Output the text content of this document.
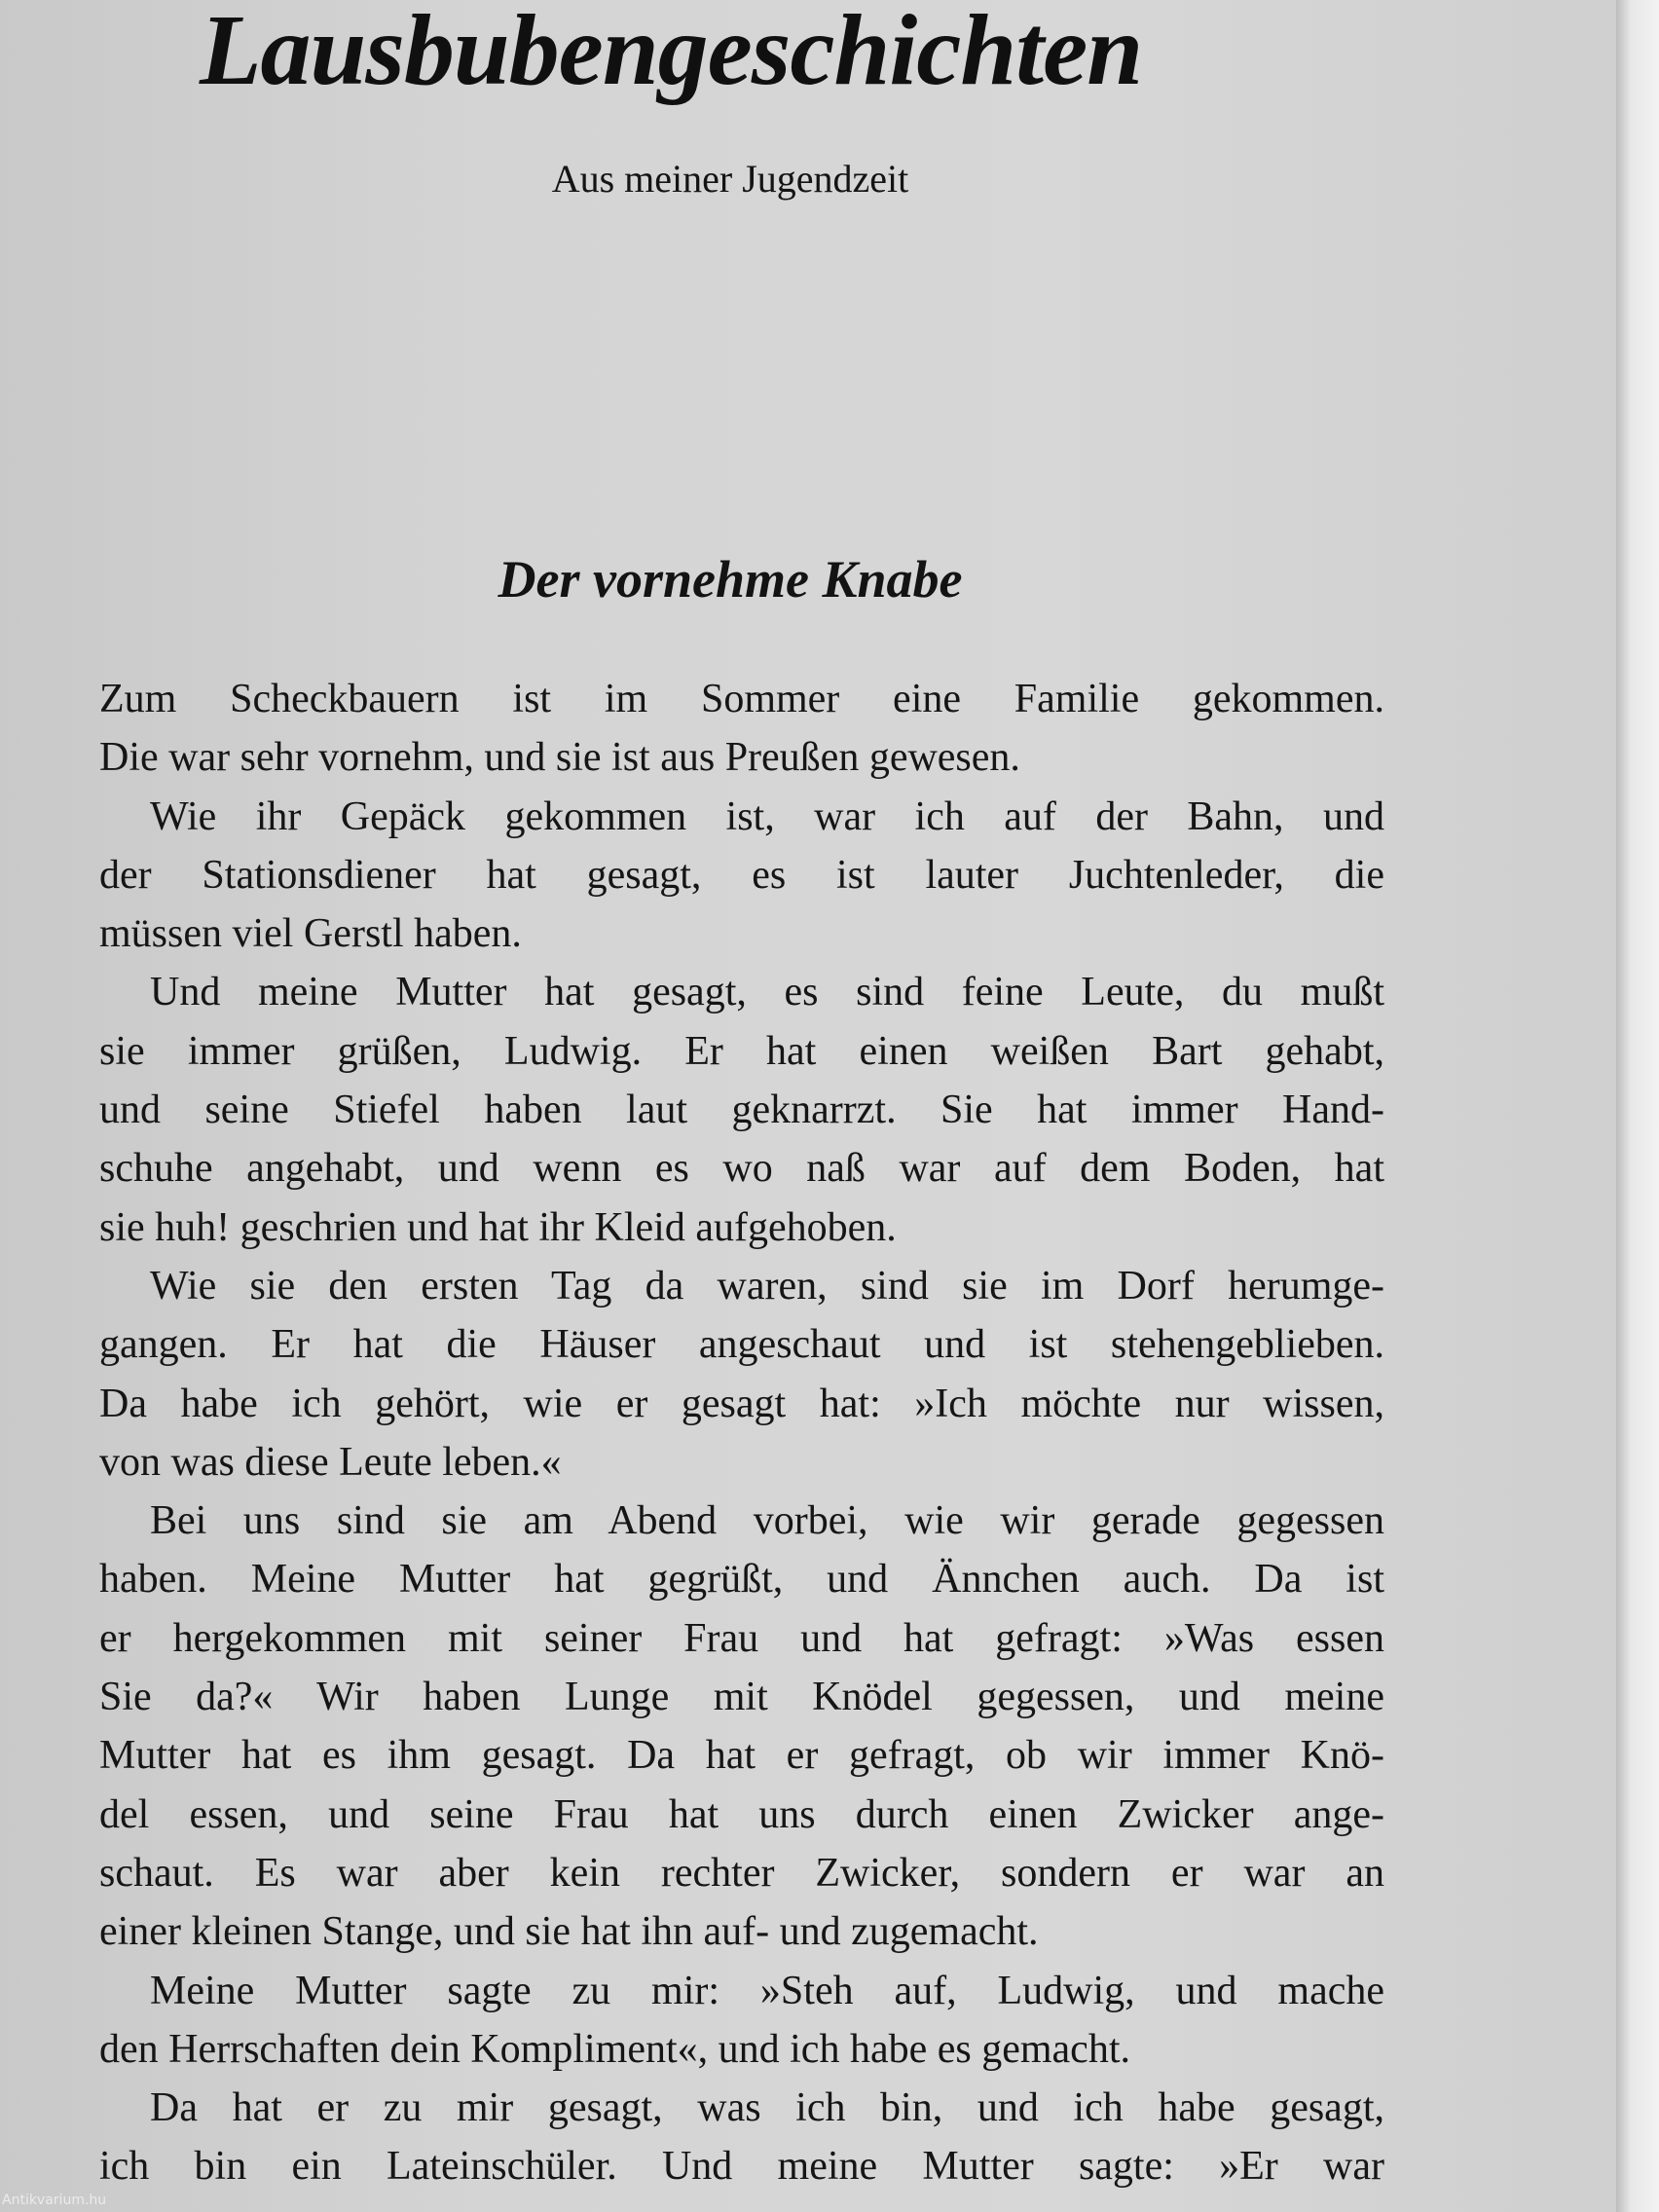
Lausbubengeschichten
Aus meiner Jugendzeit
Der vornehme Knabe
Zum Scheckbauern ist im Sommer eine Familie gekommen.
Die war sehr vornehm, und sie ist aus Preußen gewesen.
Wie ihr Gepäck gekommen ist, war ich auf der Bahn, und
der Stationsdiener hat gesagt, es ist lauter Juchtenleder, die
müssen viel Gerstl haben.
Und meine Mutter hat gesagt, es sind feine Leute, du mußt
sie immer grüßen, Ludwig. Er hat einen weißen Bart gehabt,
und seine Stiefel haben laut geknarrzt. Sie hat immer Hand-
schuhe angehabt, und wenn es wo naß war auf dem Boden, hat
sie huh! geschrien und hat ihr Kleid aufgehoben.
Wie sie den ersten Tag da waren, sind sie im Dorf herumge-
gangen. Er hat die Häuser angeschaut und ist stehengeblieben.
Da habe ich gehört, wie er gesagt hat: »Ich möchte nur wissen,
von was diese Leute leben.«
Bei uns sind sie am Abend vorbei, wie wir gerade gegessen
haben. Meine Mutter hat gegrüßt, und Ännchen auch. Da ist
er hergekommen mit seiner Frau und hat gefragt: »Was essen
Sie da?« Wir haben Lunge mit Knödel gegessen, und meine
Mutter hat es ihm gesagt. Da hat er gefragt, ob wir immer Knö-
del essen, und seine Frau hat uns durch einen Zwicker ange-
schaut. Es war aber kein rechter Zwicker, sondern er war an
einer kleinen Stange, und sie hat ihn auf- und zugemacht.
Meine Mutter sagte zu mir: »Steh auf, Ludwig, und mache
den Herrschaften dein Kompliment«, und ich habe es gemacht.
Da hat er zu mir gesagt, was ich bin, und ich habe gesagt,
ich bin ein Lateinschüler. Und meine Mutter sagte: »Er war
Antikvarium.hu
